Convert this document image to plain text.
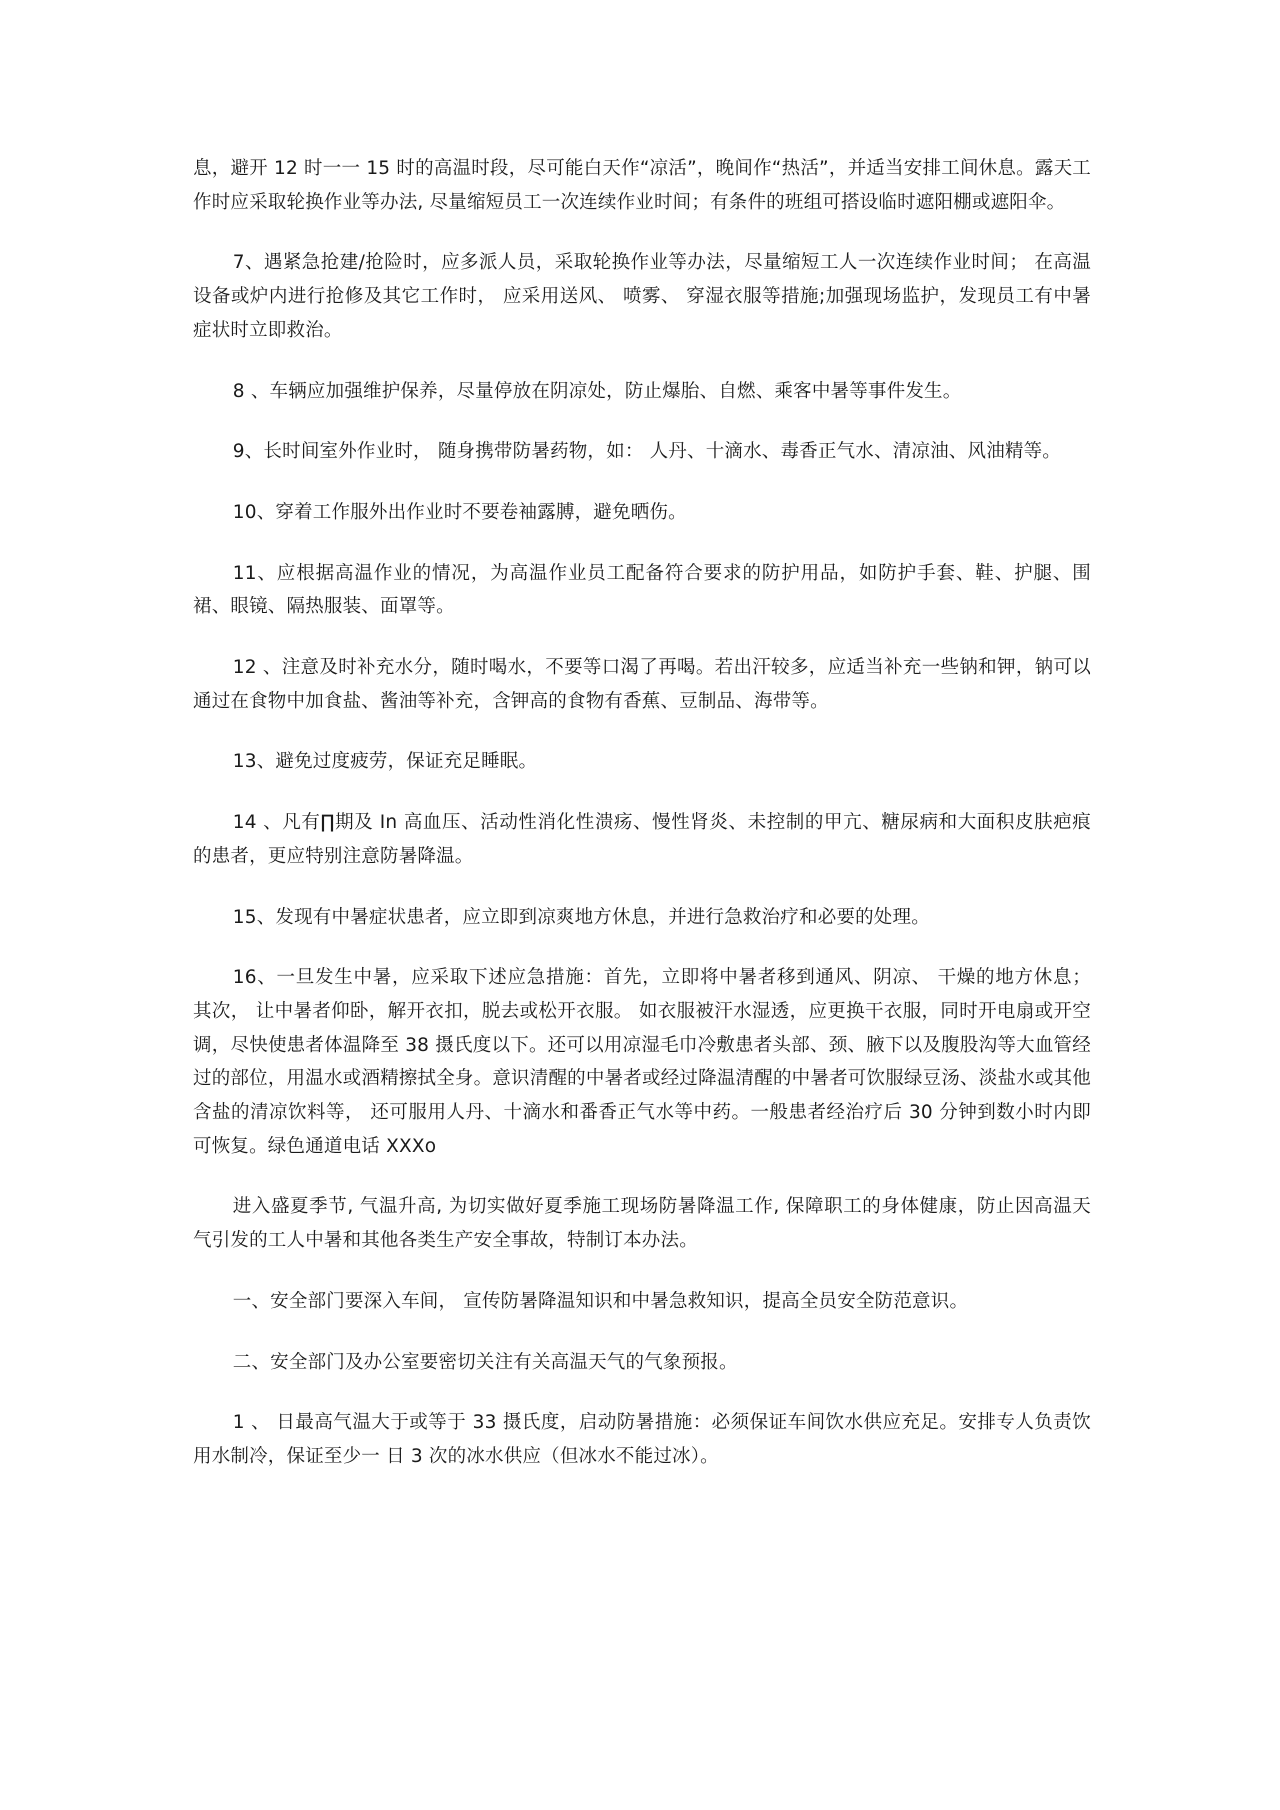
息，避开 12 时一一 15 时的高温时段，尽可能白天作“凉活”，晚间作“热活”，并适当安排工间休息。露天工作时应采取轮换作业等办法, 尽量缩短员工一次连续作业时间；有条件的班组可搭设临时遮阳棚或遮阳伞。

7、遇紧急抢建/抢险时，应多派人员，采取轮换作业等办法，尽量缩短工人一次连续作业时间； 在高温设备或炉内进行抢修及其它工作时， 应采用送风、 喷雾、 穿湿衣服等措施;加强现场监护，发现员工有中暑症状时立即救治。

8 、车辆应加强维护保养，尽量停放在阴凉处，防止爆胎、自燃、乘客中暑等事件发生。

9、长时间室外作业时， 随身携带防暑药物，如： 人丹、十滴水、毒香正气水、清凉油、风油精等。

10、穿着工作服外出作业时不要卷袖露膊，避免晒伤。

11、应根据高温作业的情况，为高温作业员工配备符合要求的防护用品，如防护手套、鞋、护腿、围裙、眼镜、隔热服装、面罩等。

12 、注意及时补充水分，随时喝水，不要等口渴了再喝。若出汗较多，应适当补充一些钠和钾，钠可以通过在食物中加食盐、酱油等补充，含钾高的食物有香蕉、豆制品、海带等。

13、避免过度疲劳，保证充足睡眠。

14 、凡有∏期及 In 高血压、活动性消化性溃疡、慢性肾炎、未控制的甲亢、糖尿病和大面积皮肤疤痕的患者，更应特别注意防暑降温。

15、发现有中暑症状患者，应立即到凉爽地方休息，并进行急救治疗和必要的处理。

16、一旦发生中暑，应采取下述应急措施：首先，立即将中暑者移到通风、阴凉、 干燥的地方休息； 其次， 让中暑者仰卧，解开衣扣，脱去或松开衣服。 如衣服被汗水湿透，应更换干衣服，同时开电扇或开空调，尽快使患者体温降至 38 摄氏度以下。还可以用凉湿毛巾冷敷患者头部、颈、腋下以及腹股沟等大血管经过的部位，用温水或酒精擦拭全身。意识清醒的中暑者或经过降温清醒的中暑者可饮服绿豆汤、淡盐水或其他含盐的清凉饮料等， 还可服用人丹、十滴水和番香正气水等中药。一般患者经治疗后 30 分钟到数小时内即可恢复。绿色通道电话 XXXo

进入盛夏季节, 气温升高, 为切实做好夏季施工现场防暑降温工作, 保障职工的身体健康，防止因高温天气引发的工人中暑和其他各类生产安全事故，特制订本办法。

一、安全部门要深入车间， 宣传防暑降温知识和中暑急救知识，提高全员安全防范意识。

二、安全部门及办公室要密切关注有关高温天气的气象预报。

1 、 日最高气温大于或等于 33 摄氏度，启动防暑措施：必须保证车间饮水供应充足。安排专人负责饮用水制冷，保证至少一 日 3 次的冰水供应（但冰水不能过冰）。
